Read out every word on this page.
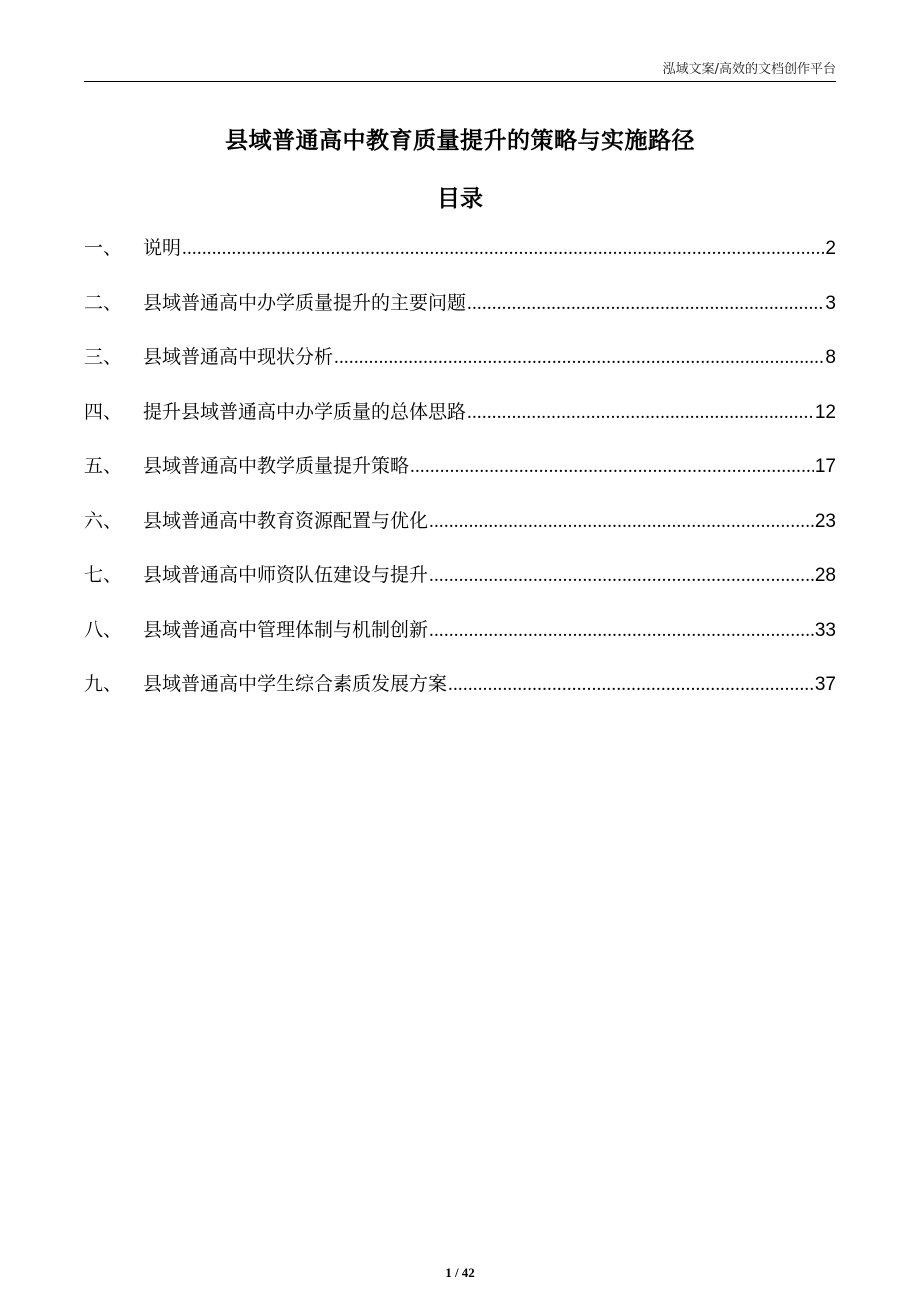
泓域文案/高效的文档创作平台
县域普通高中教育质量提升的策略与实施路径
目录
一、	说明 .....	2
二、	县域普通高中办学质量提升的主要问题 .....	3
三、	县域普通高中现状分析 .....	8
四、	提升县域普通高中办学质量的总体思路 .....	12
五、	县域普通高中教学质量提升策略 .....	17
六、	县域普通高中教育资源配置与优化 .....	23
七、	县域普通高中师资队伍建设与提升 .....	28
八、	县域普通高中管理体制与机制创新 .....	33
九、	县域普通高中学生综合素质发展方案 .....	37
1 / 42
